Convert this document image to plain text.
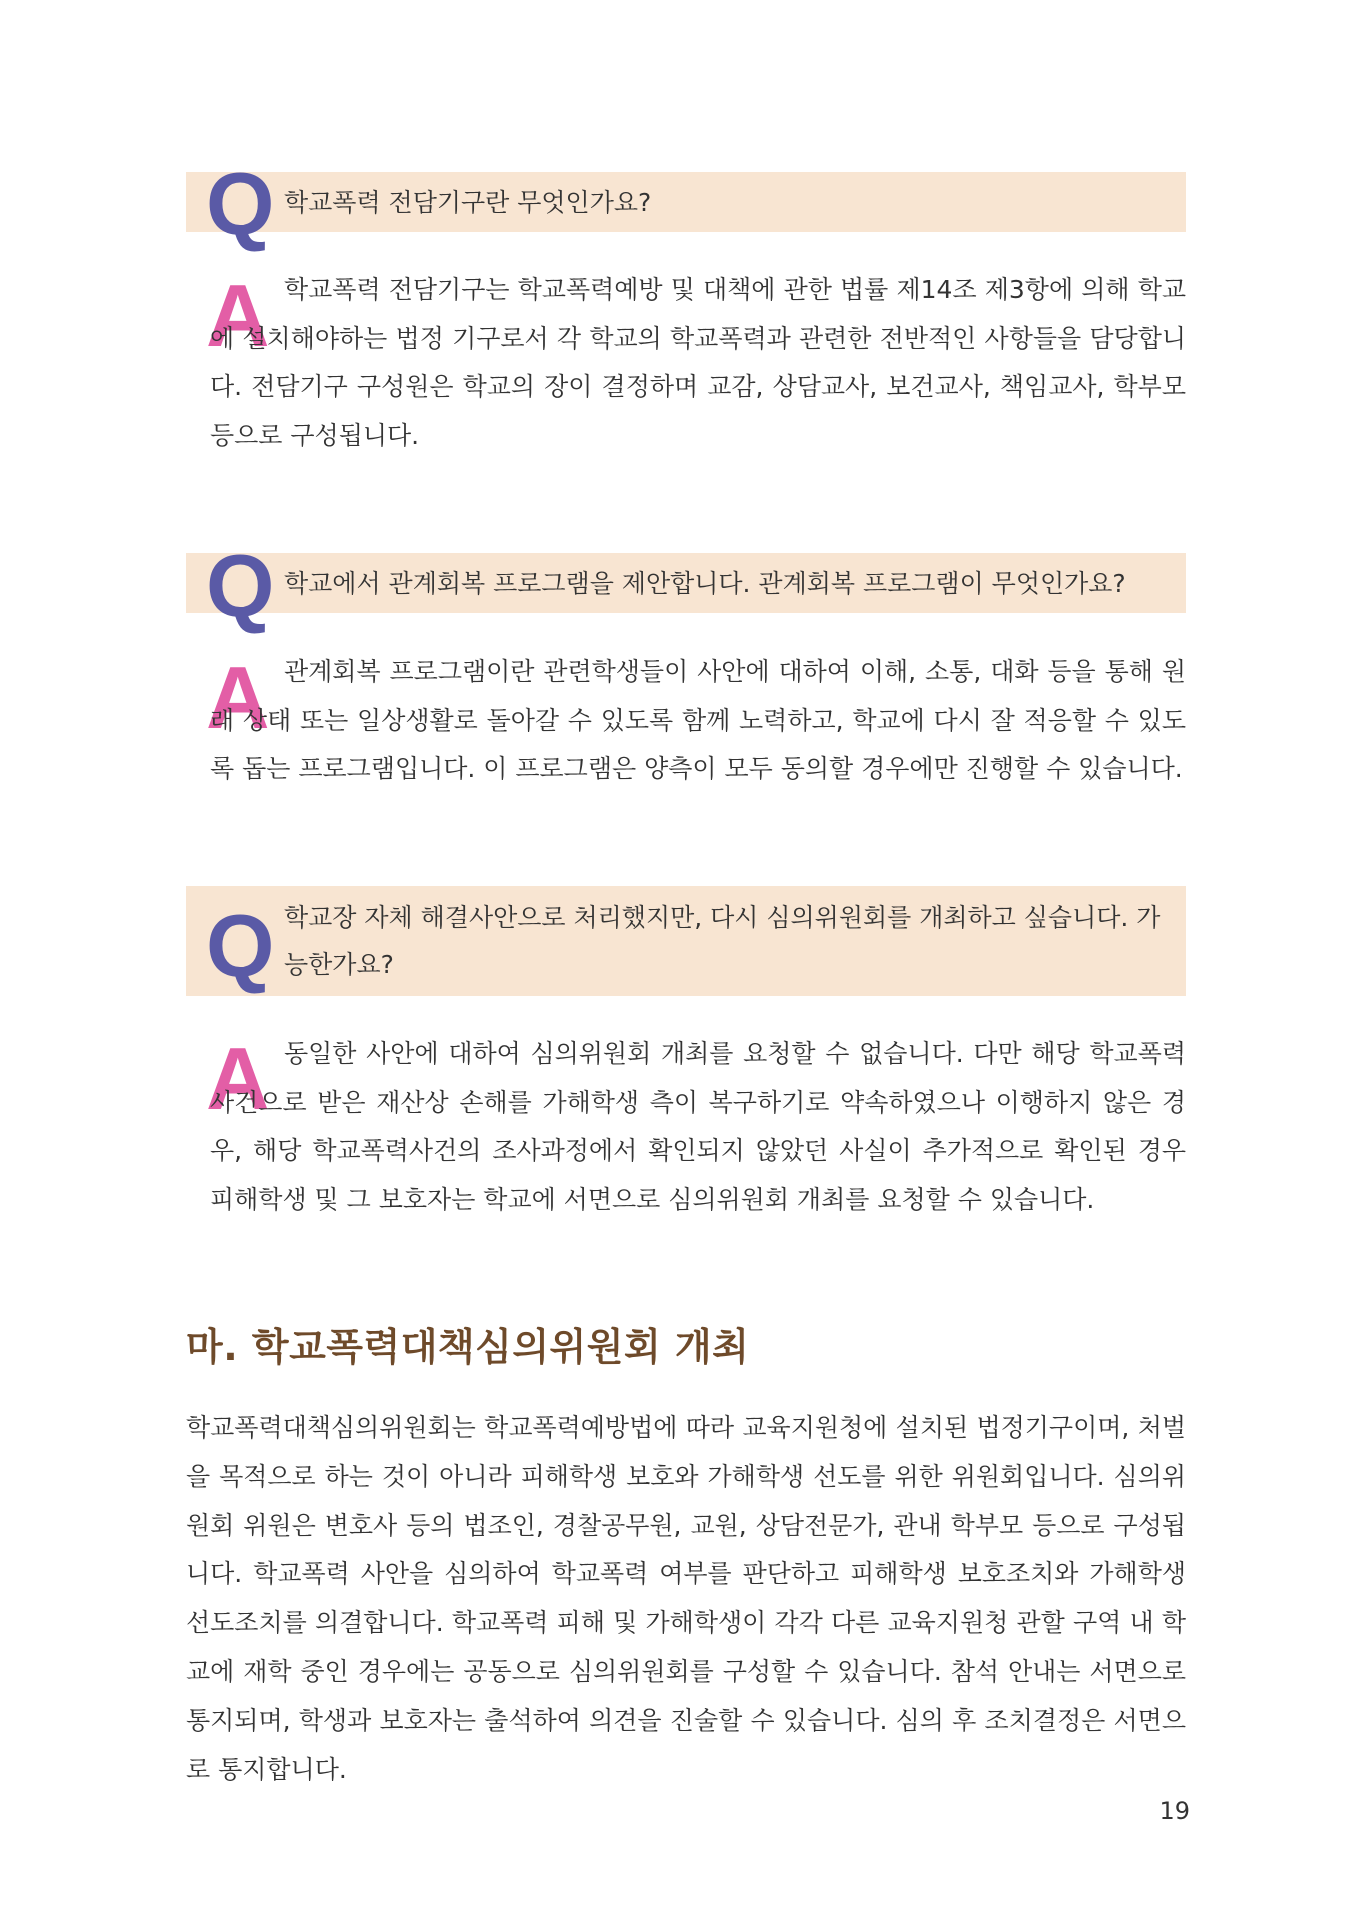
Q 학교폭력 전담기구란 무엇인가요?
A 학교폭력 전담기구는 학교폭력예방 및 대책에 관한 법률 제14조 제3항에 의해 학교에 설치해야하는 법정 기구로서 각 학교의 학교폭력과 관련한 전반적인 사항들을 담당합니다. 전담기구 구성원은 학교의 장이 결정하며 교감, 상담교사, 보건교사, 책임교사, 학부모 등으로 구성됩니다.
Q 학교에서 관계회복 프로그램을 제안합니다. 관계회복 프로그램이 무엇인가요?
A 관계회복 프로그램이란 관련학생들이 사안에 대하여 이해, 소통, 대화 등을 통해 원래 상태 또는 일상생활로 돌아갈 수 있도록 함께 노력하고, 학교에 다시 잘 적응할 수 있도록 돕는 프로그램입니다. 이 프로그램은 양측이 모두 동의할 경우에만 진행할 수 있습니다.
Q 학교장 자체 해결사안으로 처리했지만, 다시 심의위원회를 개최하고 싶습니다. 가능한가요?
A 동일한 사안에 대하여 심의위원회 개최를 요청할 수 없습니다. 다만 해당 학교폭력사건으로 받은 재산상 손해를 가해학생 측이 복구하기로 약속하였으나 이행하지 않은 경우, 해당 학교폭력사건의 조사과정에서 확인되지 않았던 사실이 추가적으로 확인된 경우 피해학생 및 그 보호자는 학교에 서면으로 심의위원회 개최를 요청할 수 있습니다.
마. 학교폭력대책심의위원회 개최
학교폭력대책심의위원회는 학교폭력예방법에 따라 교육지원청에 설치된 법정기구이며, 처벌을 목적으로 하는 것이 아니라 피해학생 보호와 가해학생 선도를 위한 위원회입니다. 심의위원회 위원은 변호사 등의 법조인, 경찰공무원, 교원, 상담전문가, 관내 학부모 등으로 구성됩니다. 학교폭력 사안을 심의하여 학교폭력 여부를 판단하고 피해학생 보호조치와 가해학생 선도조치를 의결합니다. 학교폭력 피해 및 가해학생이 각각 다른 교육지원청 관할 구역 내 학교에 재학 중인 경우에는 공동으로 심의위원회를 구성할 수 있습니다. 참석 안내는 서면으로 통지되며, 학생과 보호자는 출석하여 의견을 진술할 수 있습니다. 심의 후 조치결정은 서면으로 통지합니다.
19
